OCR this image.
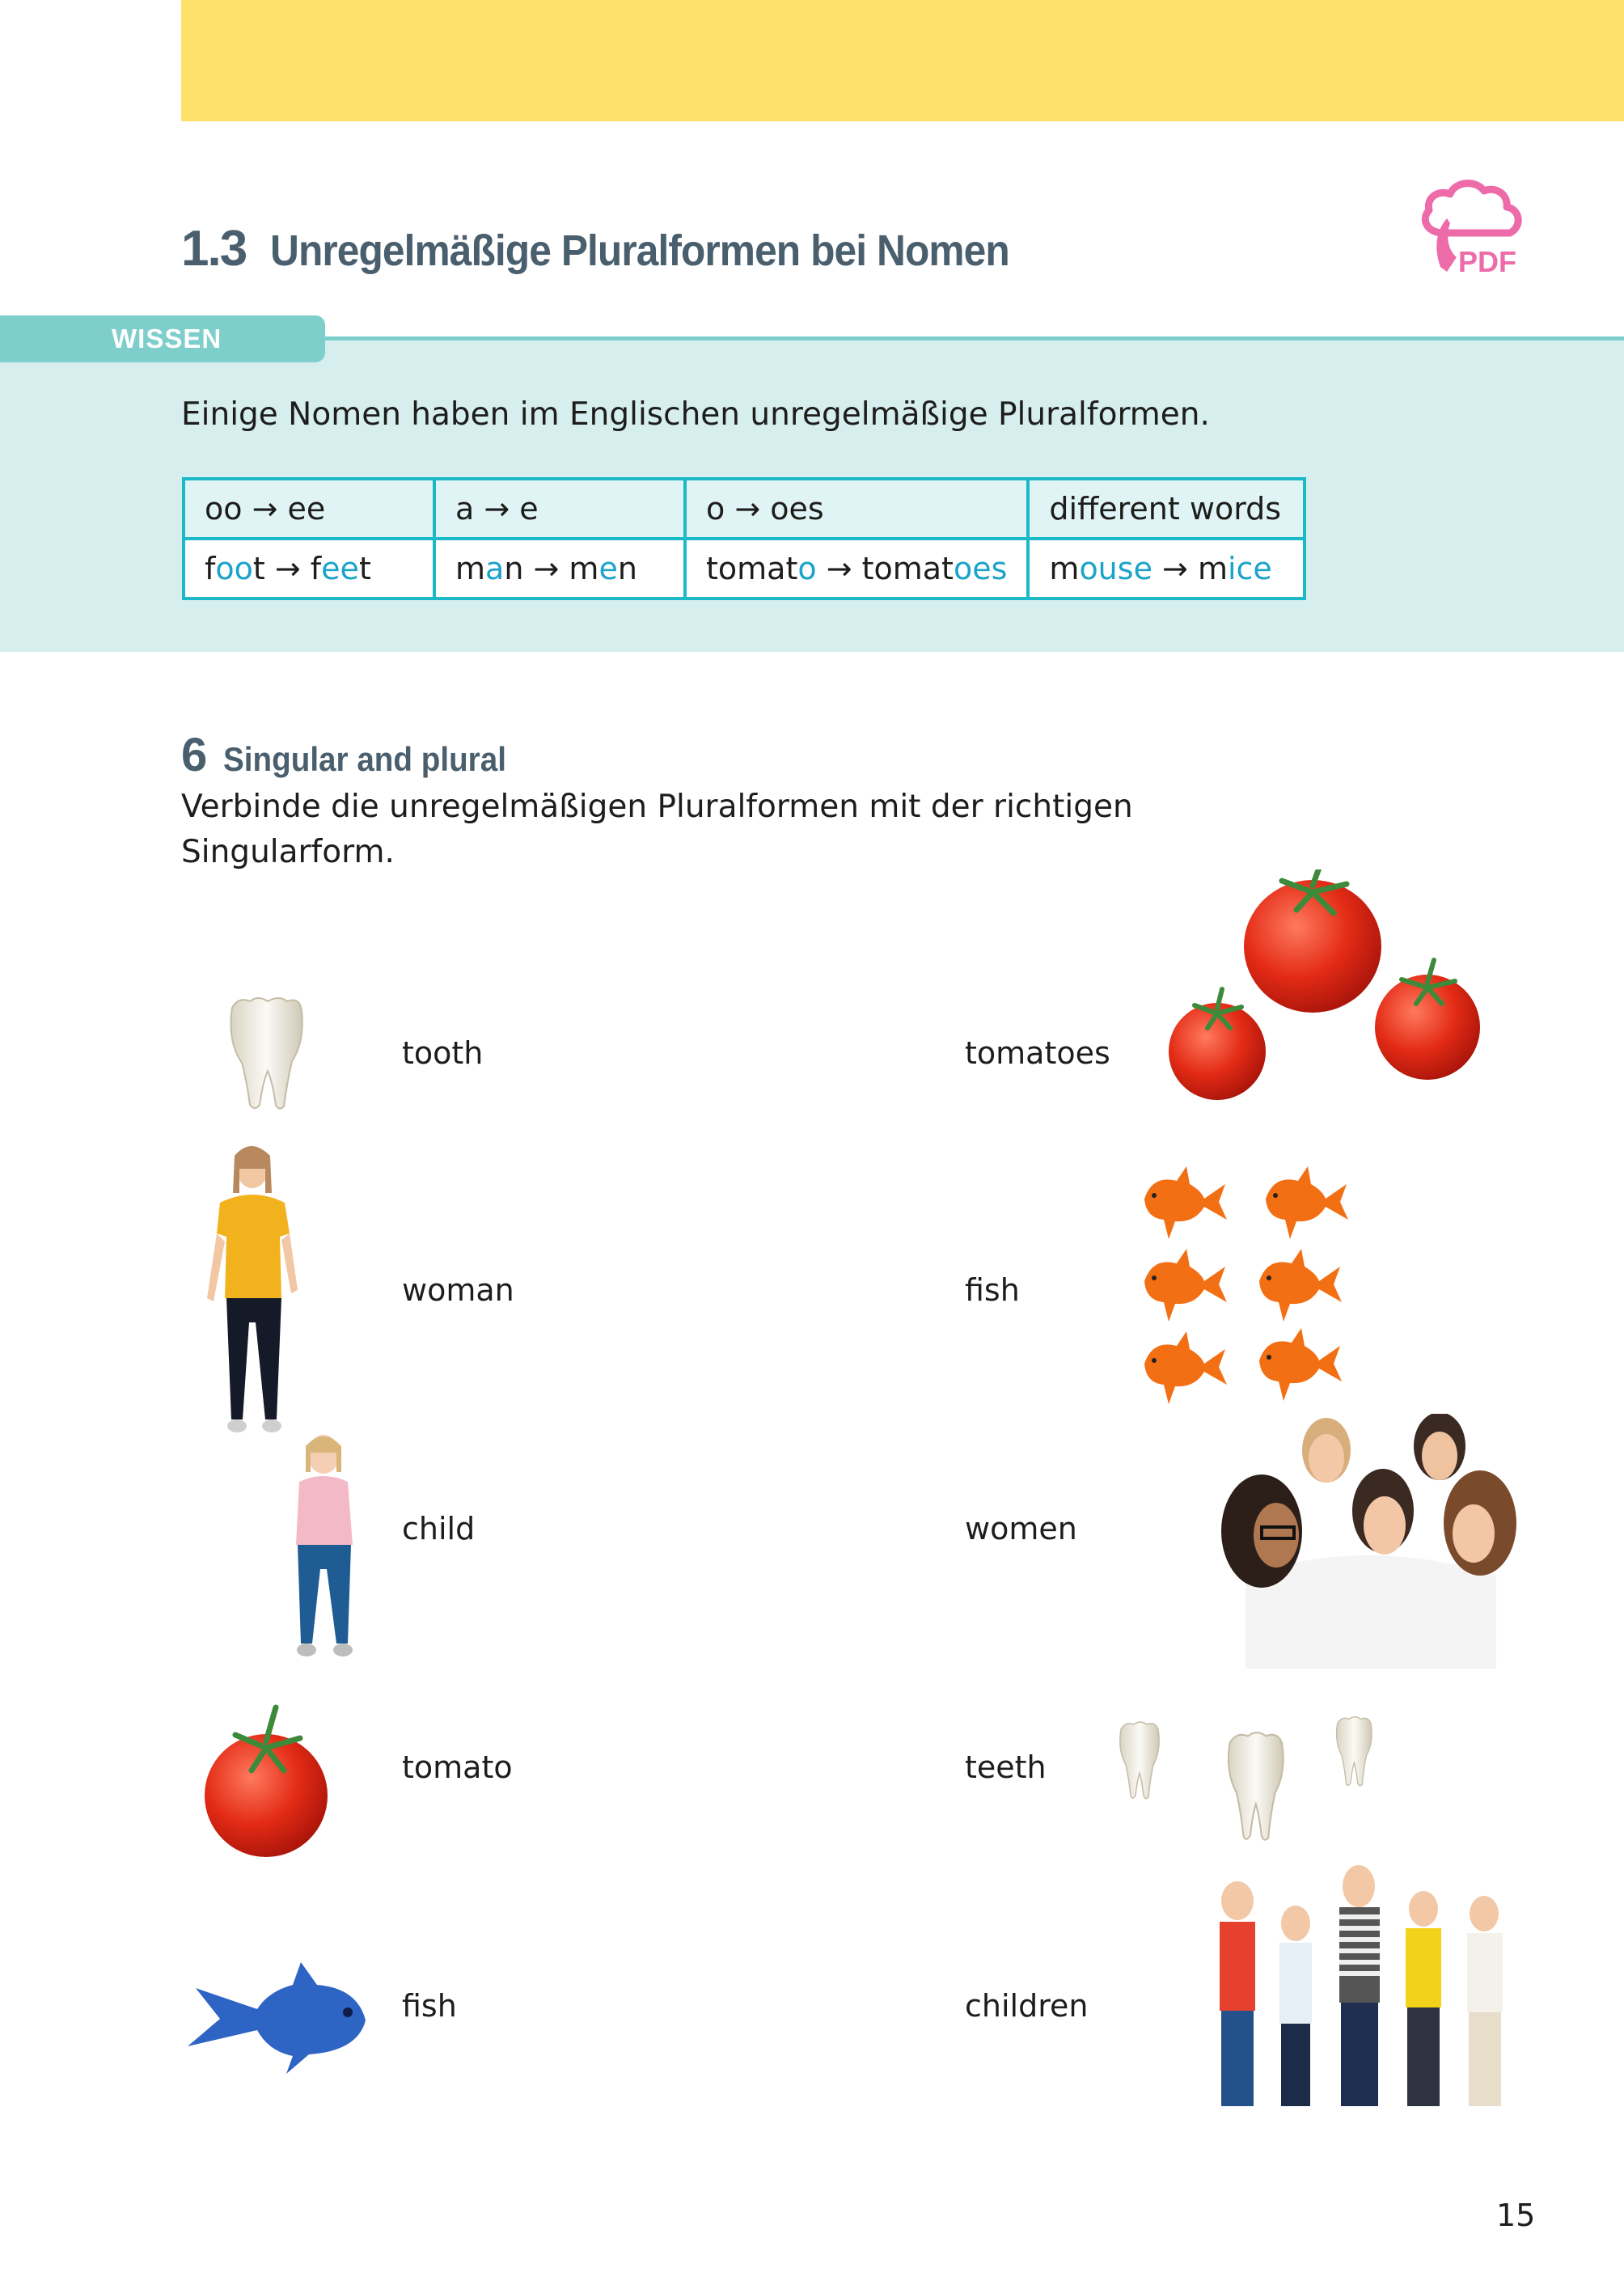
1.3 Unregelmäßige Pluralformen bei Nomen	PDF
WISSEN
Einige Nomen haben im Englischen unregelmäßige Pluralformen.
oo → ee	a → e	o → oes	different words
foot → feet	man → men	tomato → tomatoes	mouse → mice
6 Singular and plural
Verbinde die unregelmäßigen Pluralformen mit der richtigen Singularform.
tooth	tomatoes
woman	fish
child	women
tomato	teeth
fish	children
15
